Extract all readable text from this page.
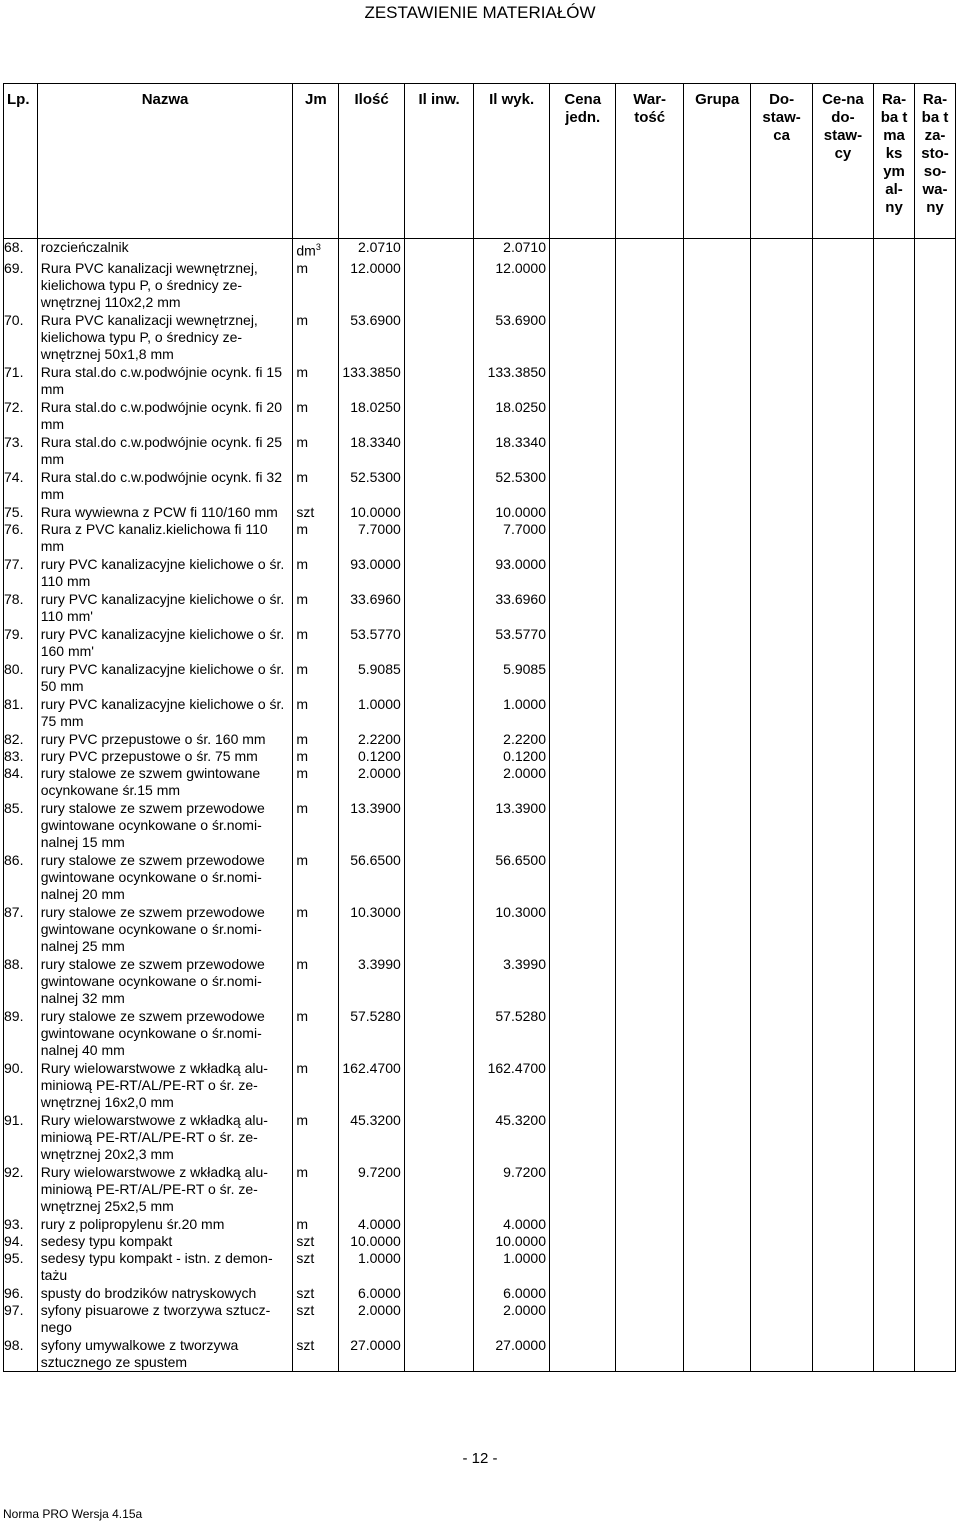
ZESTAWIENIE MATERIAŁÓW
Lp.	Nazwa	Jm	Ilość	Il inw.	Il wyk.	Cena jedn.	War-tość	Grupa	Do-staw-ca	Ce-na do-staw-cy	Ra-ba t ma ks ym al-ny	Ra-ba t za-sto-so-wa-ny
68.	rozcieńczalnik	$dm^3$	2.0710		2.0710							
69.	Rura PVC kanalizacji wewnętrznej, kielichowa typu P, o średnicy ze-wnętrznej 110x2,2 mm	m	12.0000		12.0000							
70.	Rura PVC kanalizacji wewnętrznej, kielichowa typu P, o średnicy ze-wnętrznej 50x1,8 mm	m	53.6900		53.6900							
71.	Rura stal.do c.w.podwójnie ocynk. fi 15 mm	m	133.3850		133.3850							
72.	Rura stal.do c.w.podwójnie ocynk. fi 20 mm	m	18.0250		18.0250							
73.	Rura stal.do c.w.podwójnie ocynk. fi 25 mm	m	18.3340		18.3340							
74.	Rura stal.do c.w.podwójnie ocynk. fi 32 mm	m	52.5300		52.5300							
75.	Rura wywiewna z PCW fi 110/160 mm	szt	10.0000		10.0000							
76.	Rura z PVC kanaliz.kielichowa fi 110 mm	m	7.7000		7.7000							
77.	rury PVC kanalizacyjne kielichowe o śr. 110 mm	m	93.0000		93.0000							
78.	rury PVC kanalizacyjne kielichowe o śr. 110 mm'	m	33.6960		33.6960							
79.	rury PVC kanalizacyjne kielichowe o śr. 160 mm'	m	53.5770		53.5770							
80.	rury PVC kanalizacyjne kielichowe o śr. 50 mm	m	5.9085		5.9085							
81.	rury PVC kanalizacyjne kielichowe o śr. 75 mm	m	1.0000		1.0000							
82.	rury PVC przepustowe o śr. 160 mm	m	2.2200		2.2200							
83.	rury PVC przepustowe o śr. 75 mm	m	0.1200		0.1200							
84.	rury stalowe ze szwem gwintowane ocynkowane śr.15 mm	m	2.0000		2.0000							
85.	rury stalowe ze szwem przewodowe gwintowane ocynkowane o śr.nomi-nalnej 15 mm	m	13.3900		13.3900							
86.	rury stalowe ze szwem przewodowe gwintowane ocynkowane o śr.nomi-nalnej 20 mm	m	56.6500		56.6500							
87.	rury stalowe ze szwem przewodowe gwintowane ocynkowane o śr.nomi-nalnej 25 mm	m	10.3000		10.3000							
88.	rury stalowe ze szwem przewodowe gwintowane ocynkowane o śr.nomi-nalnej 32 mm	m	3.3990		3.3990							
89.	rury stalowe ze szwem przewodowe gwintowane ocynkowane o śr.nomi-nalnej 40 mm	m	57.5280		57.5280							
90.	Rury wielowarstwowe z wkładką alu-miniową PE-RT/AL/PE-RT o śr. ze-wnętrznej 16x2,0 mm	m	162.4700		162.4700							
91.	Rury wielowarstwowe z wkładką alu-miniową PE-RT/AL/PE-RT o śr. ze-wnętrznej 20x2,3 mm	m	45.3200		45.3200							
92.	Rury wielowarstwowe z wkładką alu-miniową PE-RT/AL/PE-RT o śr. ze-wnętrznej 25x2,5 mm	m	9.7200		9.7200							
93.	rury z polipropylenu śr.20 mm	m	4.0000		4.0000							
94.	sedesy typu kompakt	szt	10.0000		10.0000							
95.	sedesy typu kompakt - istn. z demon-tażu	szt	1.0000		1.0000							
96.	spusty do brodzików natryskowych	szt	6.0000		6.0000							
97.	syfony pisuarowe z tworzywa sztucz-nego	szt	2.0000		2.0000							
98.	syfony umywalkowe z tworzywa sztucznego ze spustem	szt	27.0000		27.0000							
- 12 -
Norma PRO Wersja 4.15a
